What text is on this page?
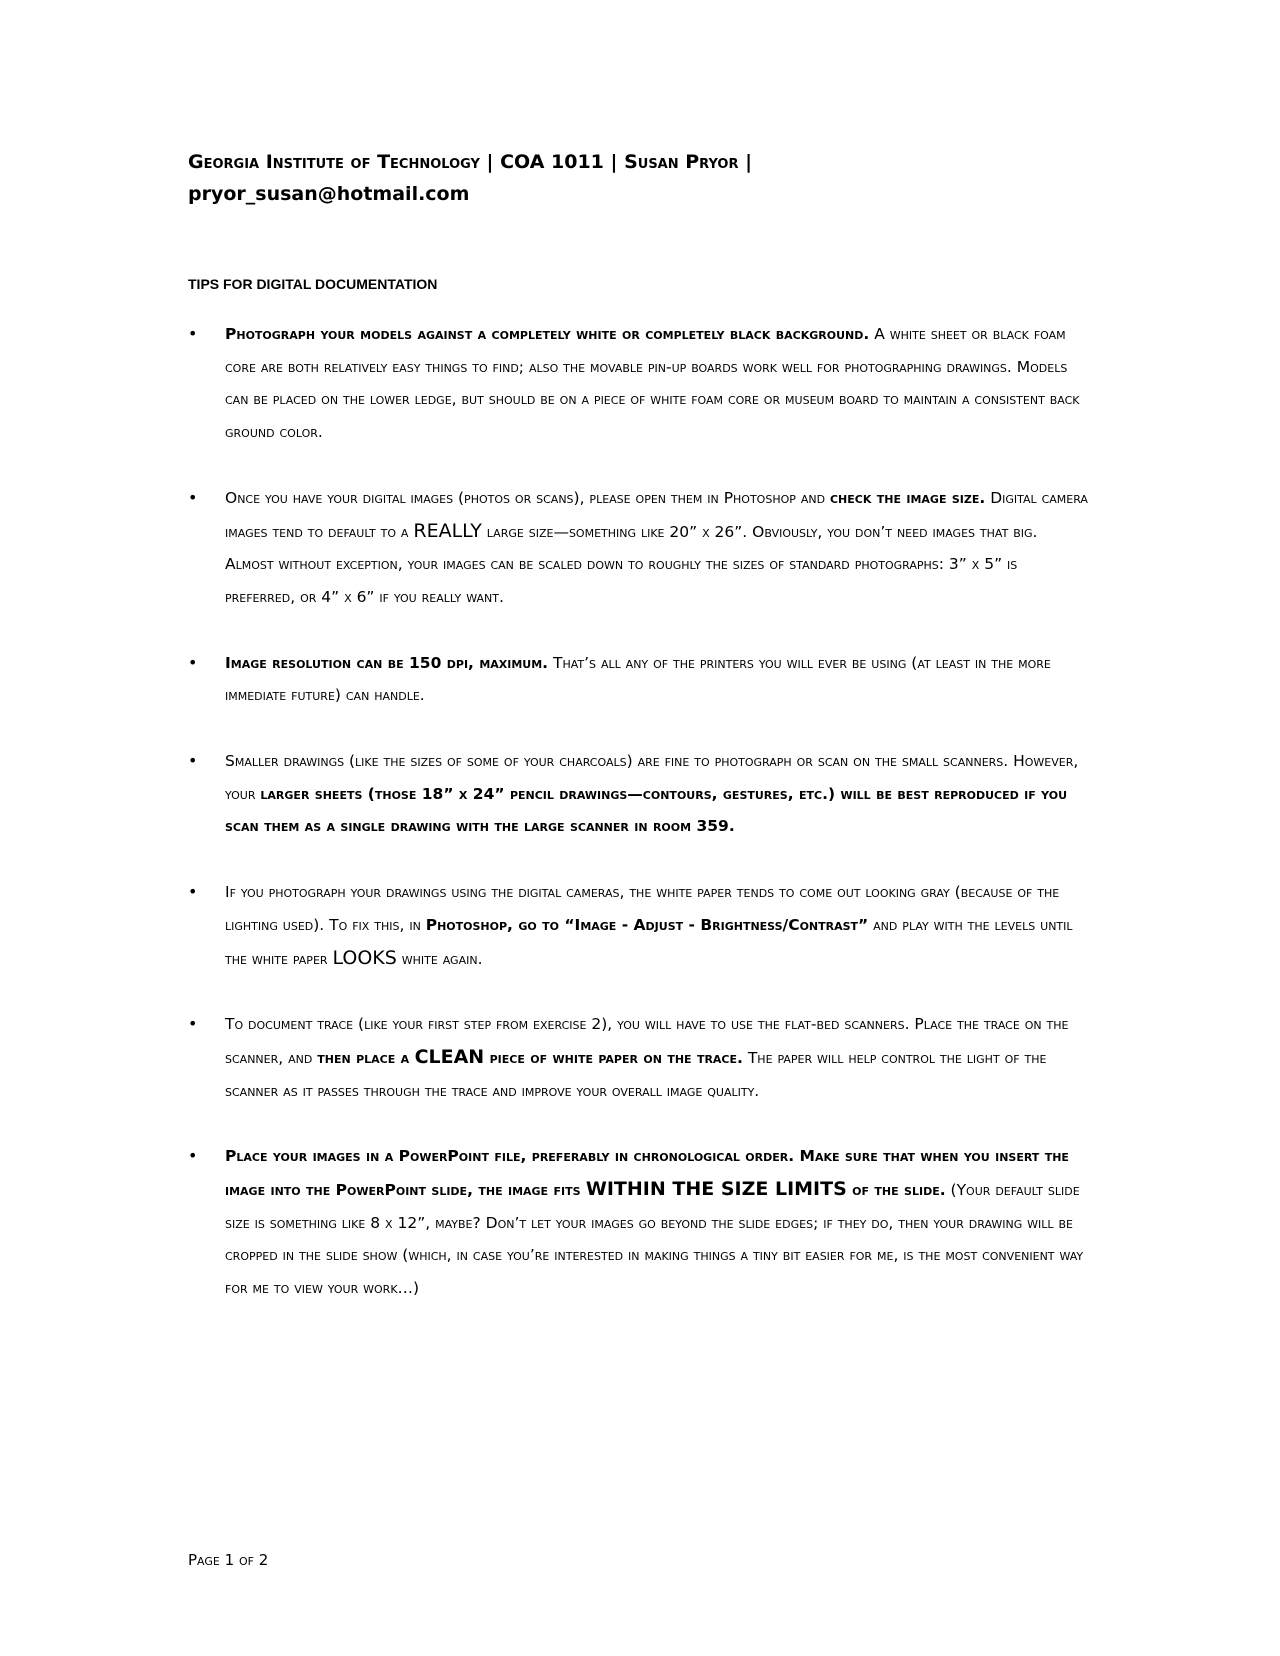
Georgia Institute of Technology | COA 1011 | Susan Pryor |
pryor_susan@hotmail.com
TIPS FOR DIGITAL DOCUMENTATION
• Photograph your models against a completely white or completely black background. A white sheet or black foam core are both relatively easy things to find; also the movable pin-up boards work well for photographing drawings. Models can be placed on the lower ledge, but should be on a piece of white foam core or museum board to maintain a consistent back ground color.
• Once you have your digital images (photos or scans), please open them in Photoshop and check the image size. Digital camera images tend to default to a REALLY large size—something like 20” x 26”. Obviously, you don’t need images that big. Almost without exception, your images can be scaled down to roughly the sizes of standard photographs: 3” x 5” is preferred, or 4” x 6” if you really want.
• Image resolution can be 150 dpi, maximum. That’s all any of the printers you will ever be using (at least in the more immediate future) can handle.
• Smaller drawings (like the sizes of some of your charcoals) are fine to photograph or scan on the small scanners. However, your larger sheets (those 18” x 24” pencil drawings—contours, gestures, etc.) will be best reproduced if you scan them as a single drawing with the large scanner in room 359.
• If you photograph your drawings using the digital cameras, the white paper tends to come out looking gray (because of the lighting used). To fix this, in Photoshop, go to “Image - Adjust - Brightness/Contrast” and play with the levels until the white paper LOOKS white again.
• To document trace (like your first step from exercise 2), you will have to use the flat-bed scanners. Place the trace on the scanner, and then place a CLEAN piece of white paper on the trace. The paper will help control the light of the scanner as it passes through the trace and improve your overall image quality.
• Place your images in a PowerPoint file, preferably in chronological order. Make sure that when you insert the image into the PowerPoint slide, the image fits WITHIN THE SIZE LIMITS of the slide. (Your default slide size is something like 8 x 12”, maybe? Don’t let your images go beyond the slide edges; if they do, then your drawing will be cropped in the slide show (which, in case you’re interested in making things a tiny bit easier for me, is the most convenient way for me to view your work…)
Page 1 of 2
